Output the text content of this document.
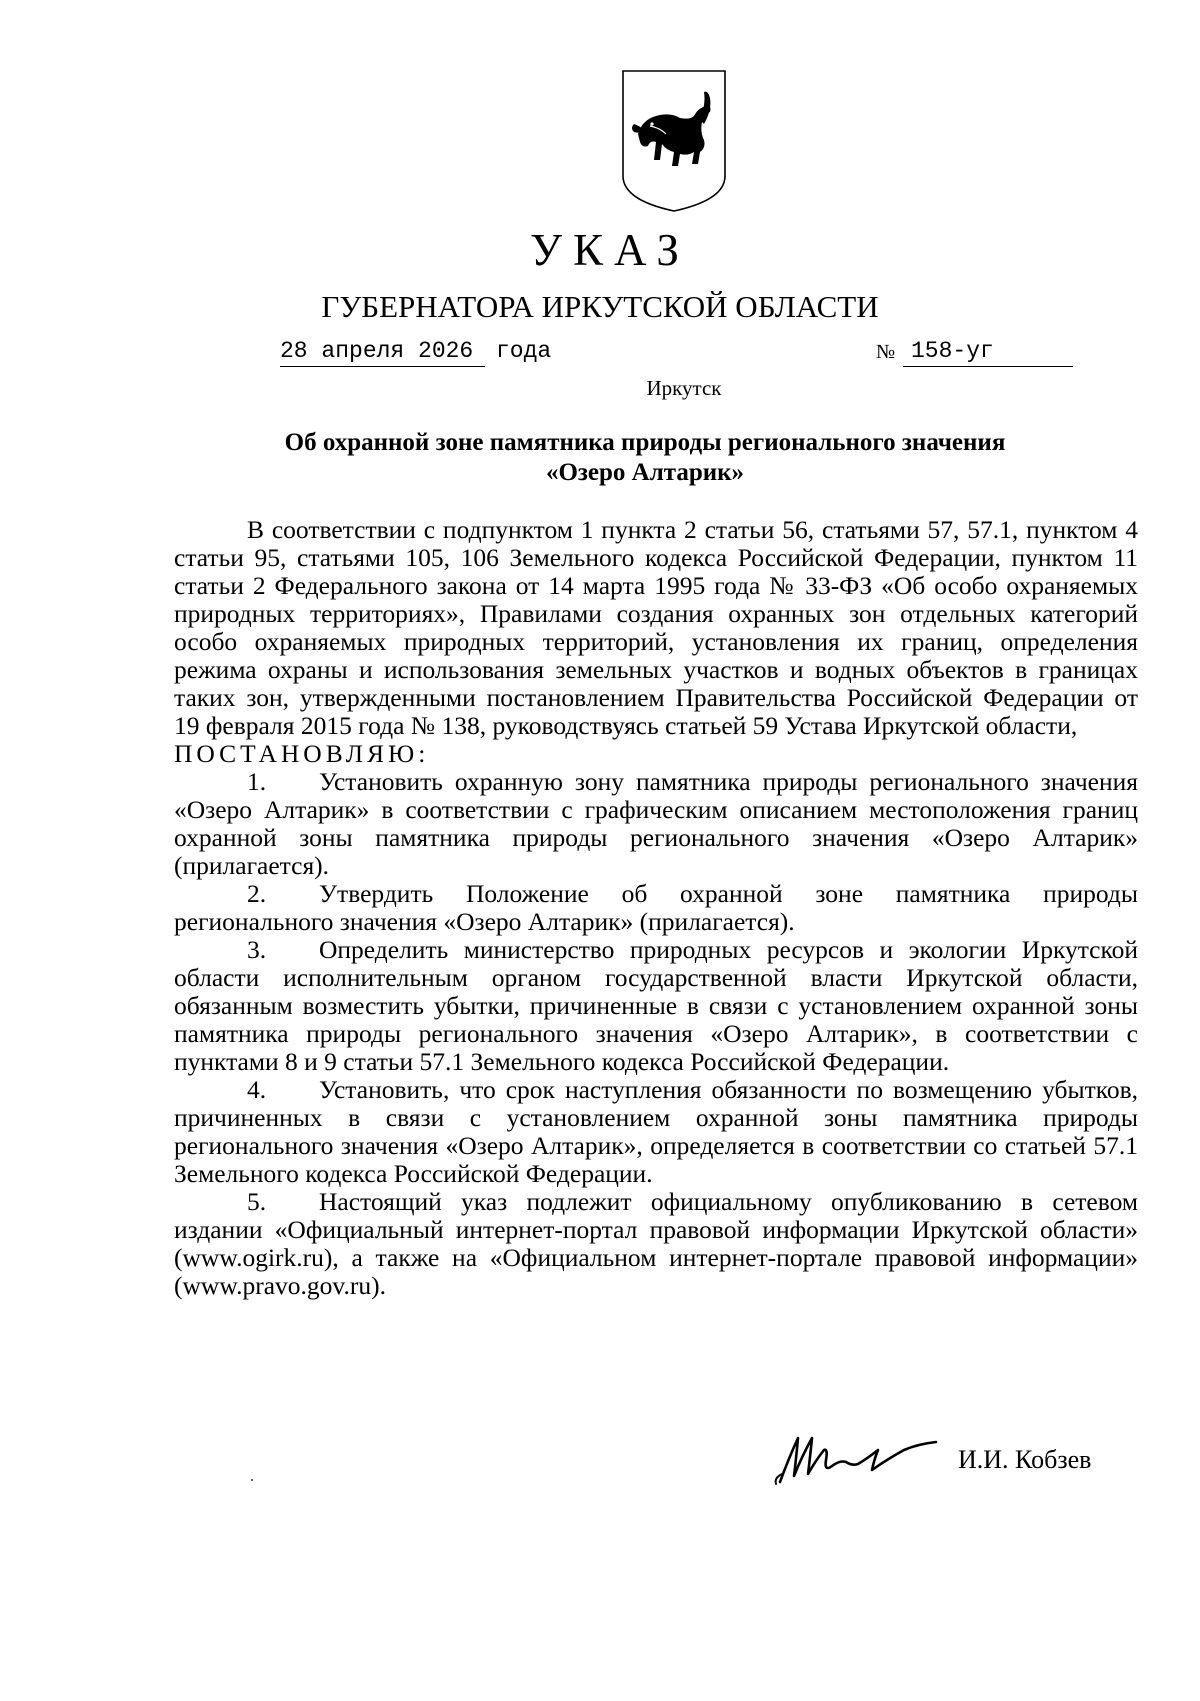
УКАЗ
ГУБЕРНАТОРА ИРКУТСКОЙ ОБЛАСТИ
28 апреля 2026 года	№ 158-уг
Иркутск
Об охранной зоне памятника природы регионального значения
«Озеро Алтарик»

В соответствии с подпунктом 1 пункта 2 статьи 56, статьями 57, 57.1, пунктом 4 статьи 95, статьями 105, 106 Земельного кодекса Российской Федерации, пунктом 11 статьи 2 Федерального закона от 14 марта 1995 года № 33-ФЗ «Об особо охраняемых природных территориях», Правилами создания охранных зон отдельных категорий особо охраняемых природных территорий, установления их границ, определения режима охраны и использования земельных участков и водных объектов в границах таких зон, утвержденными постановлением Правительства Российской Федерации от 19 февраля 2015 года № 138, руководствуясь статьей 59 Устава Иркутской области,

ПОСТАНОВЛЯЮ:

1. Установить охранную зону памятника природы регионального значения «Озеро Алтарик» в соответствии с графическим описанием местоположения границ охранной зоны памятника природы регионального значения «Озеро Алтарик» (прилагается).

2. Утвердить Положение об охранной зоне памятника природы регионального значения «Озеро Алтарик» (прилагается).

3. Определить министерство природных ресурсов и экологии Иркутской области исполнительным органом государственной власти Иркутской области, обязанным возместить убытки, причиненные в связи с установлением охранной зоны памятника природы регионального значения «Озеро Алтарик», в соответствии с пунктами 8 и 9 статьи 57.1 Земельного кодекса Российской Федерации.

4. Установить, что срок наступления обязанности по возмещению убытков, причиненных в связи с установлением охранной зоны памятника природы регионального значения «Озеро Алтарик», определяется в соответствии со статьей 57.1 Земельного кодекса Российской Федерации.

5. Настоящий указ подлежит официальному опубликованию в сетевом издании «Официальный интернет-портал правовой информации Иркутской области» (www.ogirk.ru), а также на «Официальном интернет-портале правовой информации» (www.pravo.gov.ru).

И.И. Кобзев
